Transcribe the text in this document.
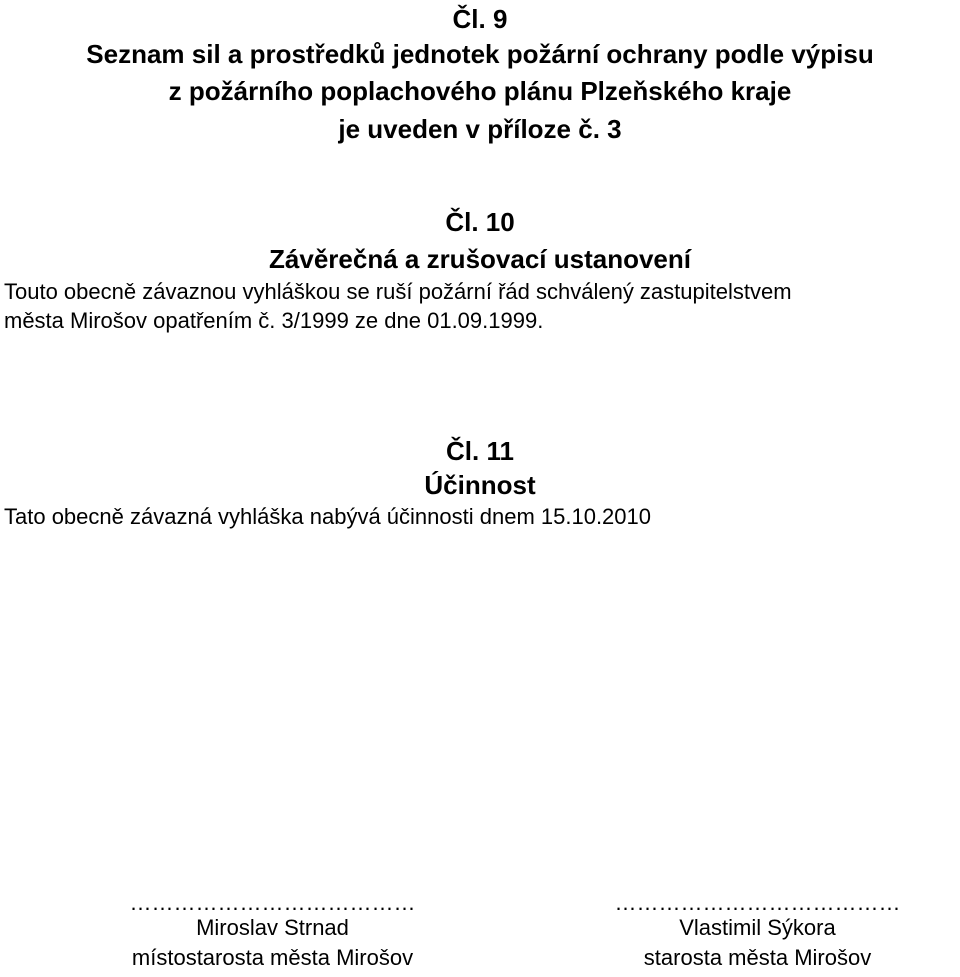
Čl. 9
Seznam sil a prostředků jednotek požární ochrany podle výpisu
z požárního poplachového plánu Plzeňského kraje
je uveden v příloze č. 3
Čl. 10
Závěrečná a zrušovací ustanovení
Touto obecně závaznou vyhláškou se ruší požární řád schválený zastupitelstvem
města Mirošov opatřením č. 3/1999 ze dne 01.09.1999.
Čl. 11
Účinnost
Tato obecně závazná vyhláška nabývá účinnosti dnem 15.10.2010
…………………………………
Miroslav Strnad
místostarosta města Mirošov
…………………………………
Vlastimil Sýkora
starosta města Mirošov
